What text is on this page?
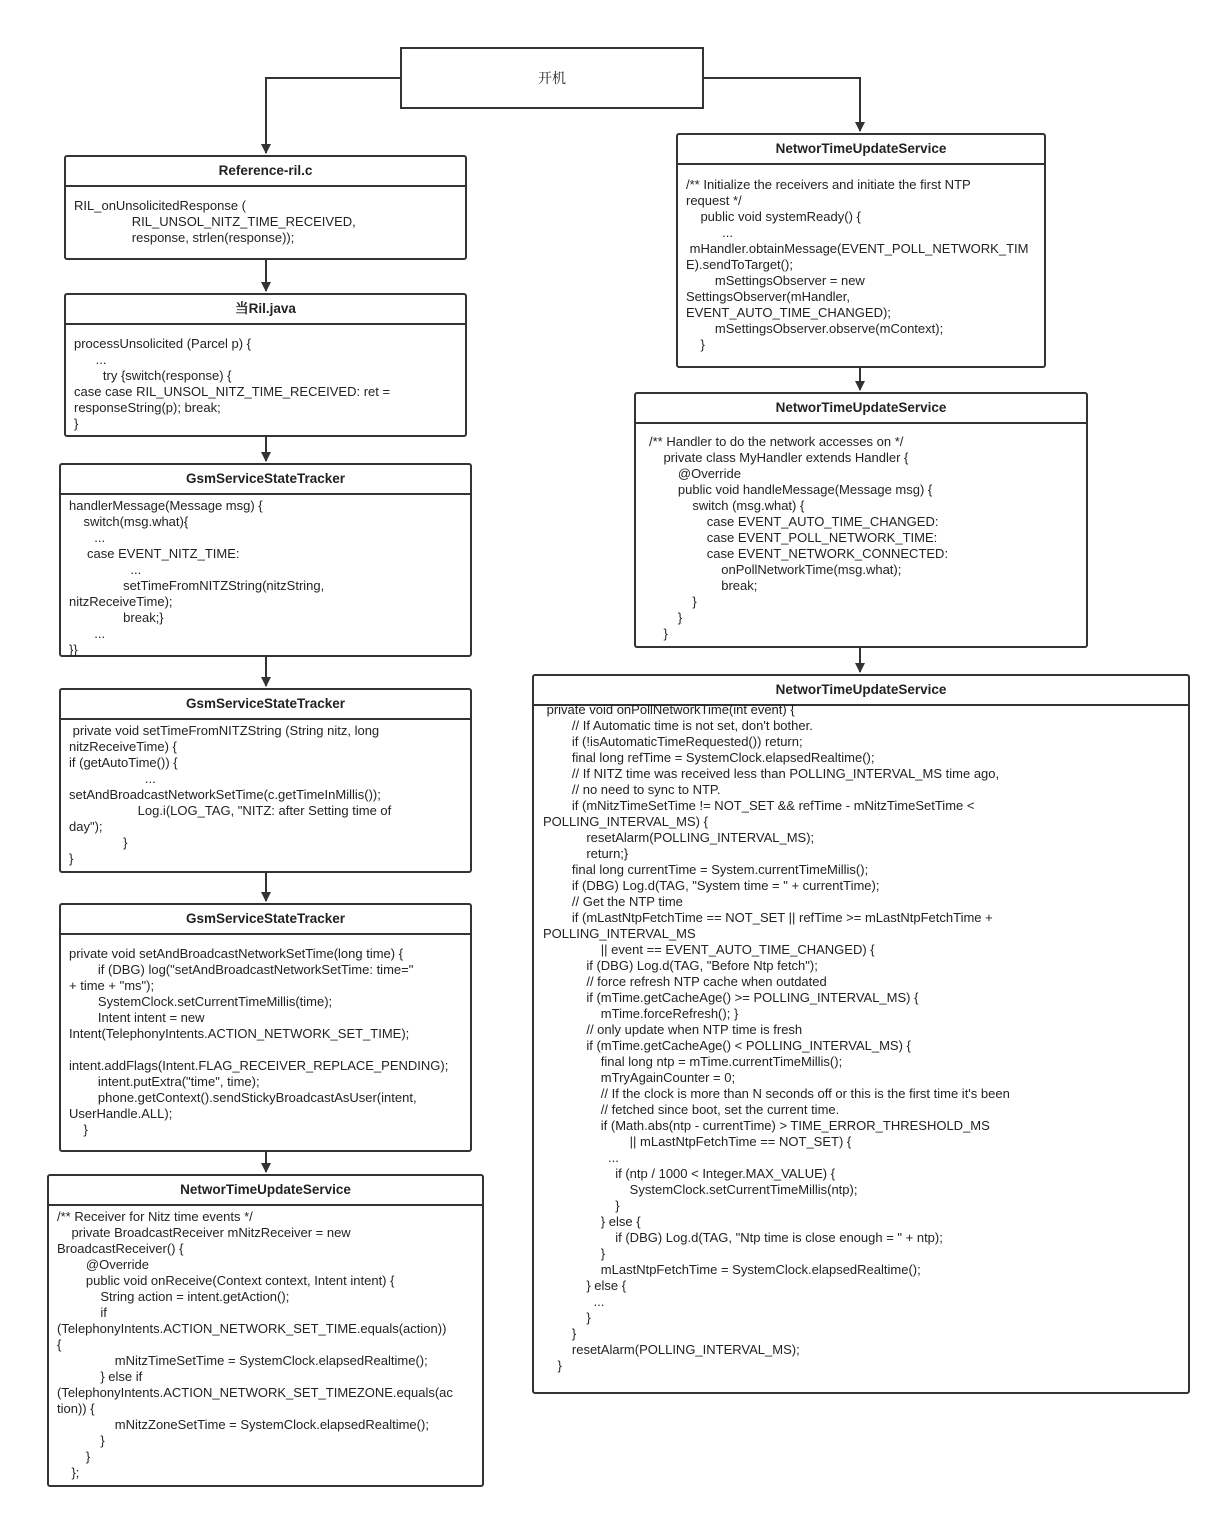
开机
Reference-ril.c
RIL_onUnsolicitedResponse (
RIL_UNSOL_NITZ_TIME_RECEIVED,
response, strlen(response));
当Ril.java
processUnsolicited (Parcel p) {
...
try {switch(response) {
case case RIL_UNSOL_NITZ_TIME_RECEIVED: ret =
responseString(p); break;
}
GsmServiceStateTracker
handlerMessage(Message msg) {
switch(msg.what){
...
case EVENT_NITZ_TIME:
...
setTimeFromNITZString(nitzString,
nitzReceiveTime);
break;}
...
}}
GsmServiceStateTracker
private void setTimeFromNITZString (String nitz, long
nitzReceiveTime) {
if (getAutoTime()) {
...
setAndBroadcastNetworkSetTime(c.getTimeInMillis());
Log.i(LOG_TAG, "NITZ: after Setting time of
day");
}
}
GsmServiceStateTracker
private void setAndBroadcastNetworkSetTime(long time) {
if (DBG) log("setAndBroadcastNetworkSetTime: time="
+ time + "ms");
SystemClock.setCurrentTimeMillis(time);
Intent intent = new
Intent(TelephonyIntents.ACTION_NETWORK_SET_TIME);

intent.addFlags(Intent.FLAG_RECEIVER_REPLACE_PENDING);
intent.putExtra("time", time);
phone.getContext().sendStickyBroadcastAsUser(intent,
UserHandle.ALL);
}
NetworTimeUpdateService
/** Receiver for Nitz time events */
private BroadcastReceiver mNitzReceiver = new
BroadcastReceiver() {
@Override
public void onReceive(Context context, Intent intent) {
String action = intent.getAction();
if
(TelephonyIntents.ACTION_NETWORK_SET_TIME.equals(action))
{
mNitzTimeSetTime = SystemClock.elapsedRealtime();
} else if
(TelephonyIntents.ACTION_NETWORK_SET_TIMEZONE.equals(ac
tion)) {
mNitzZoneSetTime = SystemClock.elapsedRealtime();
}
}
};
NetworTimeUpdateService
/** Initialize the receivers and initiate the first NTP
request */
public void systemReady() {
...
mHandler.obtainMessage(EVENT_POLL_NETWORK_TIM
E).sendToTarget();
mSettingsObserver = new
SettingsObserver(mHandler,
EVENT_AUTO_TIME_CHANGED);
mSettingsObserver.observe(mContext);
}
NetworTimeUpdateService
/** Handler to do the network accesses on */
private class MyHandler extends Handler {
@Override
public void handleMessage(Message msg) {
switch (msg.what) {
case EVENT_AUTO_TIME_CHANGED:
case EVENT_POLL_NETWORK_TIME:
case EVENT_NETWORK_CONNECTED:
onPollNetworkTime(msg.what);
break;
}
}
}
NetworTimeUpdateService
private void onPollNetworkTime(int event) {
// If Automatic time is not set, don't bother.
if (!isAutomaticTimeRequested()) return;
final long refTime = SystemClock.elapsedRealtime();
// If NITZ time was received less than POLLING_INTERVAL_MS time ago,
// no need to sync to NTP.
if (mNitzTimeSetTime != NOT_SET && refTime - mNitzTimeSetTime <
POLLING_INTERVAL_MS) {
resetAlarm(POLLING_INTERVAL_MS);
return;}
final long currentTime = System.currentTimeMillis();
if (DBG) Log.d(TAG, "System time = " + currentTime);
// Get the NTP time
if (mLastNtpFetchTime == NOT_SET || refTime >= mLastNtpFetchTime +
POLLING_INTERVAL_MS
|| event == EVENT_AUTO_TIME_CHANGED) {
if (DBG) Log.d(TAG, "Before Ntp fetch");
// force refresh NTP cache when outdated
if (mTime.getCacheAge() >= POLLING_INTERVAL_MS) {
mTime.forceRefresh(); }
// only update when NTP time is fresh
if (mTime.getCacheAge() < POLLING_INTERVAL_MS) {
final long ntp = mTime.currentTimeMillis();
mTryAgainCounter = 0;
// If the clock is more than N seconds off or this is the first time it's been
// fetched since boot, set the current time.
if (Math.abs(ntp - currentTime) > TIME_ERROR_THRESHOLD_MS
|| mLastNtpFetchTime == NOT_SET) {
...
if (ntp / 1000 < Integer.MAX_VALUE) {
SystemClock.setCurrentTimeMillis(ntp);
}
} else {
if (DBG) Log.d(TAG, "Ntp time is close enough = " + ntp);
}
mLastNtpFetchTime = SystemClock.elapsedRealtime();
} else {
...
}
}
resetAlarm(POLLING_INTERVAL_MS);
}
